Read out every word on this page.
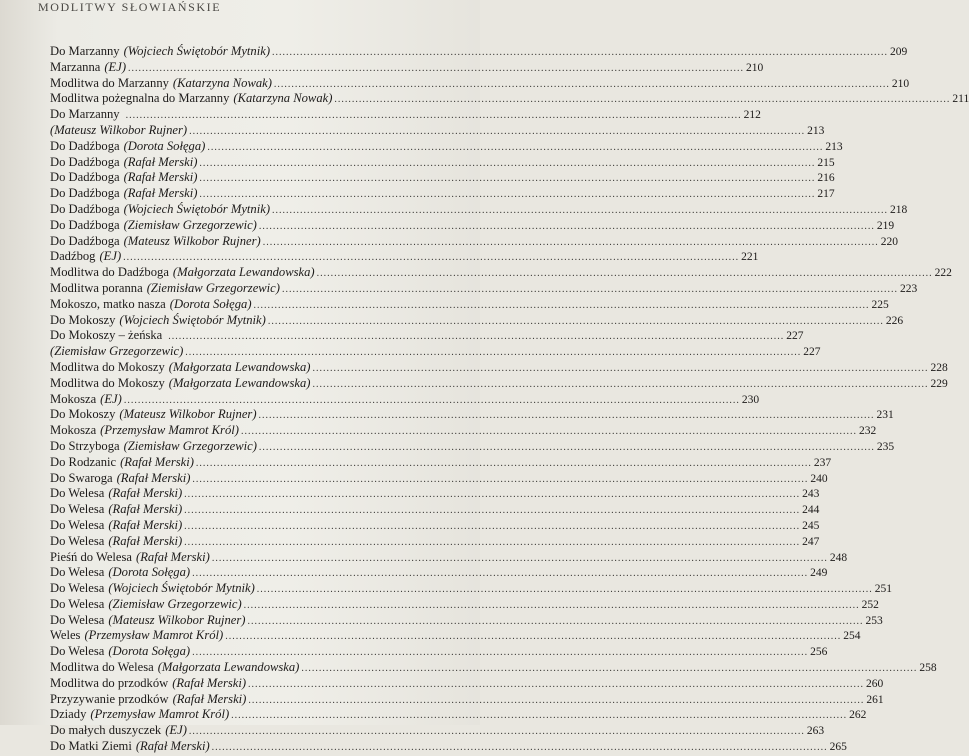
MODLITWY SŁOWIAŃSKIE
Do Marzanny (Wojciech Świętobór Mytnik) .....	209
Marzanna (EJ) .....	210
Modlitwa do Marzanny (Katarzyna Nowak) .....	210
Modlitwa pożegnalna do Marzanny (Katarzyna Nowak) .....	211
Do Marzanny .....	212
(Mateusz Wilkobor Rujner) .....	213
Do Dadźboga (Dorota Sołęga) .....	213
Do Dadźboga (Rafał Merski) .....	215
Do Dadźboga (Rafał Merski) .....	216
Do Dadźboga (Rafał Merski) .....	217
Do Dadźboga (Wojciech Świętobór Mytnik) .....	218
Do Dadźboga (Ziemisław Grzegorzewic) .....	219
Do Dadźboga (Mateusz Wilkobor Rujner) .....	220
Dadźbog (EJ) .....	221
Modlitwa do Dadźboga (Małgorzata Lewandowska) .....	222
Modlitwa poranna (Ziemisław Grzegorzewic) .....	223
Mokoszo, matko nasza (Dorota Sołęga) .....	225
Do Mokoszy (Wojciech Świętobór Mytnik) .....	226
Do Mokoszy – żeńska .....	227
(Ziemisław Grzegorzewic) .....	227
Modlitwa do Mokoszy (Małgorzata Lewandowska) .....	228
Modlitwa do Mokoszy (Małgorzata Lewandowska) .....	229
Mokosza (EJ) .....	230
Do Mokoszy (Mateusz Wilkobor Rujner) .....	231
Mokosza (Przemysław Mamrot Król) .....	232
Do Strzyboga (Ziemisław Grzegorzewic) .....	235
Do Rodzanic (Rafał Merski) .....	237
Do Swaroga (Rafał Merski) .....	240
Do Welesa (Rafał Merski) .....	243
Do Welesa (Rafał Merski) .....	244
Do Welesa (Rafał Merski) .....	245
Do Welesa (Rafał Merski) .....	247
Pieśń do Welesa (Rafał Merski) .....	248
Do Welesa (Dorota Sołęga) .....	249
Do Welesa (Wojciech Świętobór Mytnik) .....	251
Do Welesa (Ziemisław Grzegorzewic) .....	252
Do Welesa (Mateusz Wilkobor Rujner) .....	253
Weles (Przemysław Mamrot Król) .....	254
Do Welesa (Dorota Sołęga) .....	256
Modlitwa do Welesa (Małgorzata Lewandowska) .....	258
Modlitwa do przodków (Rafał Merski) .....	260
Przyzywanie przodków (Rafał Merski) .....	261
Dziady (Przemysław Mamrot Król) .....	262
Do małych duszyczek (EJ) .....	263
Do Matki Ziemi (Rafał Merski) .....	265
